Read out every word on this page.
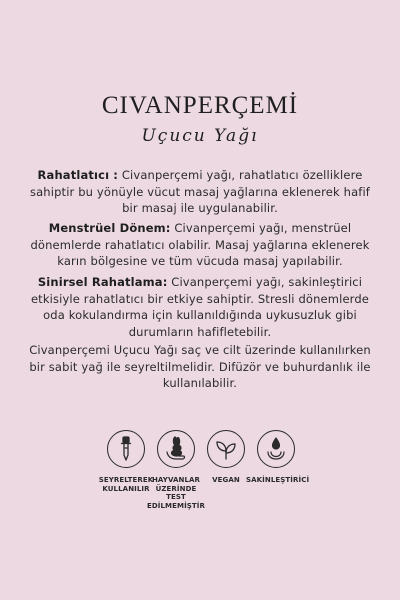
CIVANPERÇEMİ
Uçucu Yağı
Rahatlatıcı : Civanperçemi yağı, rahatlatıcı özelliklere sahiptir bu yönüyle vücut masaj yağlarına eklenerek hafif bir masaj ile uygulanabilir.
Menstrüel Dönem: Civanperçemi yağı, menstrüel dönemlerde rahatlatıcı olabilir. Masaj yağlarına eklenerek karın bölgesine ve tüm vücuda masaj yapılabilir.
Sinirsel Rahatlama: Civanperçemi yağı, sakinleştirici etkisiyle rahatlatıcı bir etkiye sahiptir. Stresli dönemlerde oda kokulandırma için kullanıldığında uykusuzluk gibi durumların hafifletebilir.
Civanperçemi Uçucu Yağı saç ve cilt üzerinde kullanılırken bir sabit yağ ile seyreltilmelidir. Difüzör ve buhurdanlık ile kullanılabilir.
SEYRELTEREK KULLANILIR
HAYVANLAR ÜZERİNDE TEST EDİLMEMİŞTİR
VEGAN SAKİNLEŞTİRİCİ
